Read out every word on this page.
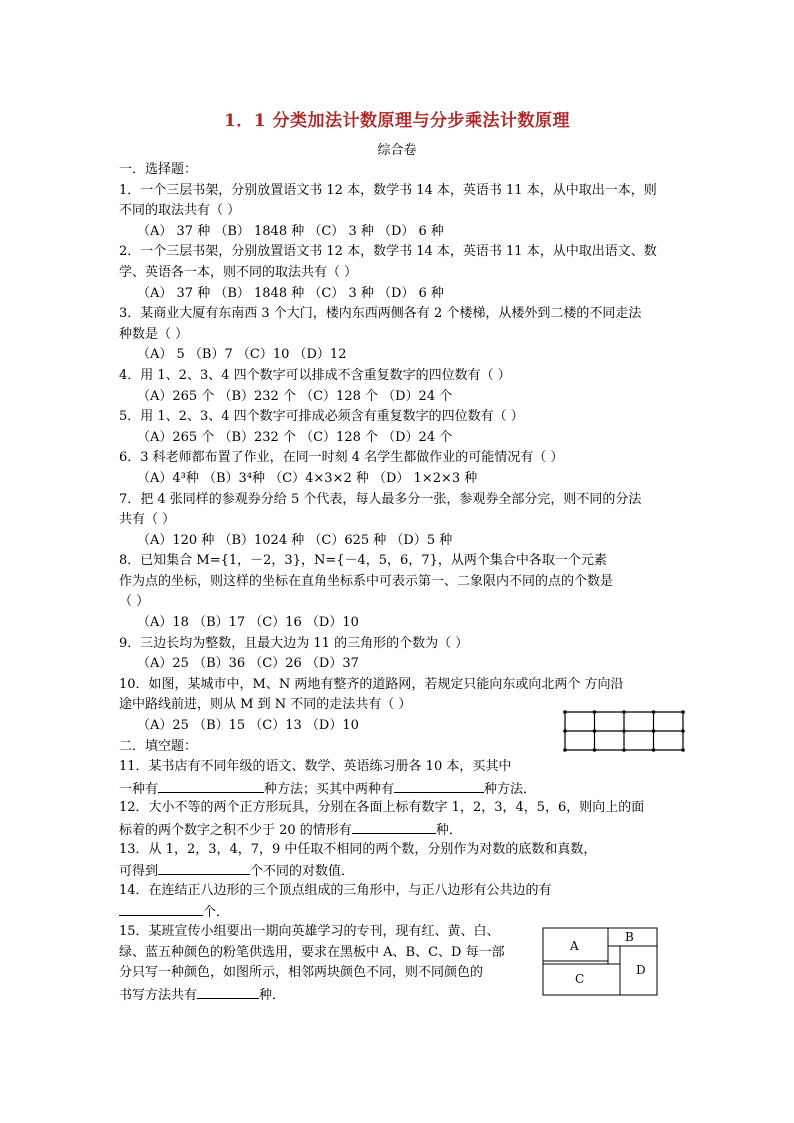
1．1 分类加法计数原理与分步乘法计数原理
综合卷
一．选择题：
1．一个三层书架，分别放置语文书 12 本，数学书 14 本，英语书 11 本，从中取出一本，则
不同的取法共有（ ）
（A） 37 种 （B） 1848 种 （C） 3 种 （D） 6 种
2．一个三层书架，分别放置语文书 12 本，数学书 14 本，英语书 11 本，从中取出语文、数
学、英语各一本，则不同的取法共有（ ）
（A） 37 种 （B） 1848 种 （C） 3 种 （D） 6 种
3．某商业大厦有东南西 3 个大门，楼内东西两侧各有 2 个楼梯，从楼外到二楼的不同走法
种数是（ ）
（A） 5 （B）7 （C）10 （D）12
4．用 1、2、3、4 四个数字可以排成不含重复数字的四位数有（ ）
（A）265 个 （B）232 个 （C）128 个 （D）24 个
5．用 1、2、3、4 四个数字可排成必须含有重复数字的四位数有（ ）
（A）265 个 （B）232 个 （C）128 个 （D）24 个
6．3 科老师都布置了作业，在同一时刻 4 名学生都做作业的可能情况有（ ）
（A）4³种 （B）3⁴种 （C）4×3×2 种 （D） 1×2×3 种
7．把 4 张同样的参观券分给 5 个代表，每人最多分一张，参观券全部分完，则不同的分法
共有（ ）
（A）120 种 （B）1024 种 （C）625 种 （D）5 种
8．已知集合 M={1，－2，3}，N={－4，5，6，7}，从两个集合中各取一个元素
作为点的坐标，则这样的坐标在直角坐标系中可表示第一、二象限内不同的点的个数是
（ ）
（A）18 （B）17 （C）16 （D）10
9．三边长均为整数，且最大边为 11 的三角形的个数为（ ）
（A）25 （B）36 （C）26 （D）37
10．如图，某城市中，M、N 两地有整齐的道路网，若规定只能向东或向北两个 方向沿
途中路线前进，则从 M 到 N 不同的走法共有（ ）
（A）25 （B）15 （C）13 （D）10
二．填空题：
11．某书店有不同年级的语文、数学、英语练习册各 10 本，买其中
一种有	种方法；买其中两种有	种方法．
12．大小不等的两个正方形玩具，分别在各面上标有数字 1，2，3，4，5，6，则向上的面
标着的两个数字之积不少于 20 的情形有	种．
13．从 1，2，3，4，7，9 中任取不相同的两个数，分别作为对数的底数和真数，
可得到	个不同的对数值．
14．在连结正八边形的三个顶点组成的三角形中，与正八边形有公共边的有
个．
15．某班宣传小组要出一期向英雄学习的专刊，现有红、黄、白、
绿、蓝五种颜色的粉笔供选用，要求在黑板中 A、B、C、D 每一部
分只写一种颜色，如图所示，相邻两块颜色不同，则不同颜色的
书写方法共有	种．
A
B
C
D
